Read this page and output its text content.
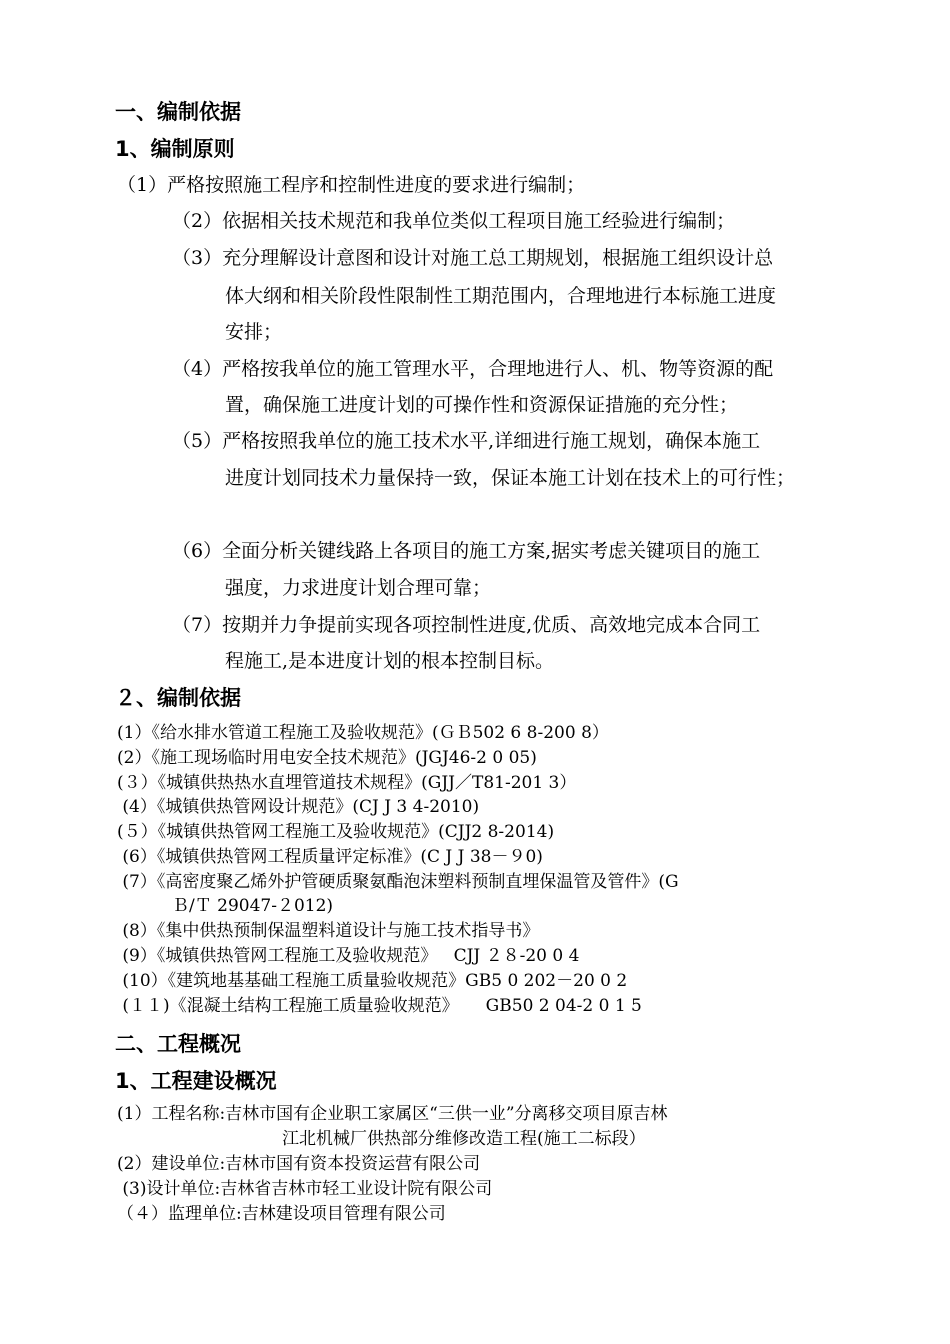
一、编制依据
1、编制原则
（1）严格按照施工程序和控制性进度的要求进行编制；
（2）依据相关技术规范和我单位类似工程项目施工经验进行编制；
（3）充分理解设计意图和设计对施工总工期规划，根据施工组织设计总
体大纲和相关阶段性限制性工期范围内，合理地进行本标施工进度
安排；
（4）严格按我单位的施工管理水平，合理地进行人、机、物等资源的配
置，确保施工进度计划的可操作性和资源保证措施的充分性；
（5）严格按照我单位的施工技术水平,详细进行施工规划，确保本施工
进度计划同技术力量保持一致，保证本施工计划在技术上的可行性；
（6）全面分析关键线路上各项目的施工方案,据实考虑关键项目的施工
强度，力求进度计划合理可靠；
（7）按期并力争提前实现各项控制性进度,优质、高效地完成本合同工
程施工,是本进度计划的根本控制目标。
２、编制依据
(1）《给水排水管道工程施工及验收规范》(ＧＢ502 6 8-200 8）
(2）《施工现场临时用电安全技术规范》(JGJ46-2 0 05)
(３）《城镇供热热水直埋管道技术规程》(GJJ／T81-201 3）
(4）《城镇供热管网设计规范》(CJ J 3 4-2010)
(５）《城镇供热管网工程施工及验收规范》(CJJ2 8-2014)
(6）《城镇供热管网工程质量评定标准》(C J J 38－９0)
(7）《高密度聚乙烯外护管硬质聚氨酯泡沫塑料预制直埋保温管及管件》(G
Ｂ/Ｔ 29047-２012)
(8）《集中供热预制保温塑料道设计与施工技术指导书》
(9）《城镇供热管网工程施工及验收规范》   CJJ ２８-20 0 4
(10）《建筑地基基础工程施工质量验收规范》GB5 0 202－20 0 2
(１１)《混凝土结构工程施工质量验收规范》     GB50 2 04-2 0 1 5
二、工程概况
1、工程建设概况
(1）工程名称:吉林市国有企业职工家属区“三供一业”分离移交项目原吉林
江北机械厂供热部分维修改造工程(施工二标段）
(2）建设单位:吉林市国有资本投资运营有限公司
(3)设计单位:吉林省吉林市轻工业设计院有限公司
（４）监理单位:吉林建设项目管理有限公司
